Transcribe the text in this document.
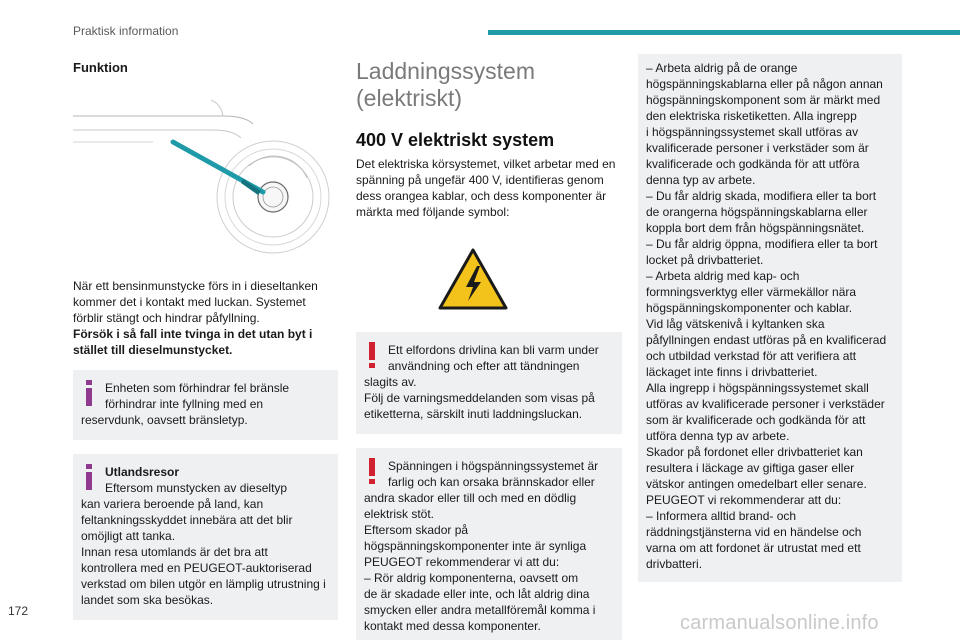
Praktisk information
Funktion
När ett bensinmunstycke förs in i dieseltanken
kommer det i kontakt med luckan. Systemet
förblir stängt och hindrar påfyllning.
Försök i så fall inte tvinga in det utan byt i
stället till dieselmunstycket.
Enheten som förhindrar fel bränsle
förhindrar inte fyllning med en
reservdunk, oavsett bränsletyp.
Utlandsresor
Eftersom munstycken av dieseltyp
kan variera beroende på land, kan
feltankningsskyddet innebära att det blir
omöjligt att tanka.
Innan resa utomlands är det bra att
kontrollera med en PEUGEOT-auktoriserad
verkstad om bilen utgör en lämplig utrustning i
landet som ska besökas.
Laddningssystem
(elektriskt)
400 V elektriskt system
Det elektriska körsystemet, vilket arbetar med en
spänning på ungefär 400 V, identifieras genom
dess orangea kablar, och dess komponenter är
märkta med följande symbol:
Ett elfordons drivlina kan bli varm under
användning och efter att tändningen
slagits av.
Följ de varningsmeddelanden som visas på
etiketterna, särskilt inuti laddningsluckan.
Spänningen i högspänningssystemet är
farlig och kan orsaka brännskador eller
andra skador eller till och med en dödlig
elektrisk stöt.
Eftersom skador på
högspänningskomponenter inte är synliga
PEUGEOT rekommenderar vi att du:
– Rör aldrig komponenterna, oavsett om
de är skadade eller inte, och låt aldrig dina
smycken eller andra metallföremål komma i
kontakt med dessa komponenter.
– Arbeta aldrig på de orange
högspänningskablarna eller på någon annan
högspänningskomponent som är märkt med
den elektriska risketiketten. Alla ingrepp
i högspänningssystemet skall utföras av
kvalificerade personer i verkstäder som är
kvalificerade och godkända för att utföra
denna typ av arbete.
– Du får aldrig skada, modifiera eller ta bort
de orangerna högspänningskablarna eller
koppla bort dem från högspänningsnätet.
– Du får aldrig öppna, modifiera eller ta bort
locket på drivbatteriet.
– Arbeta aldrig med kap- och
formningsverktyg eller värmekällor nära
högspänningskomponenter och kablar.
Vid låg vätskenivå i kyltanken ska
påfyllningen endast utföras på en kvalificerad
och utbildad verkstad för att verifiera att
läckaget inte finns i drivbatteriet.
Alla ingrepp i högspänningssystemet skall
utföras av kvalificerade personer i verkstäder
som är kvalificerade och godkända för att
utföra denna typ av arbete.
Skador på fordonet eller drivbatteriet kan
resultera i läckage av giftiga gaser eller
vätskor antingen omedelbart eller senare.
PEUGEOT vi rekommenderar att du:
– Informera alltid brand- och
räddningstjänsterna vid en händelse och
varna om att fordonet är utrustat med ett
drivbatteri.
172
carmanualsonline.info
